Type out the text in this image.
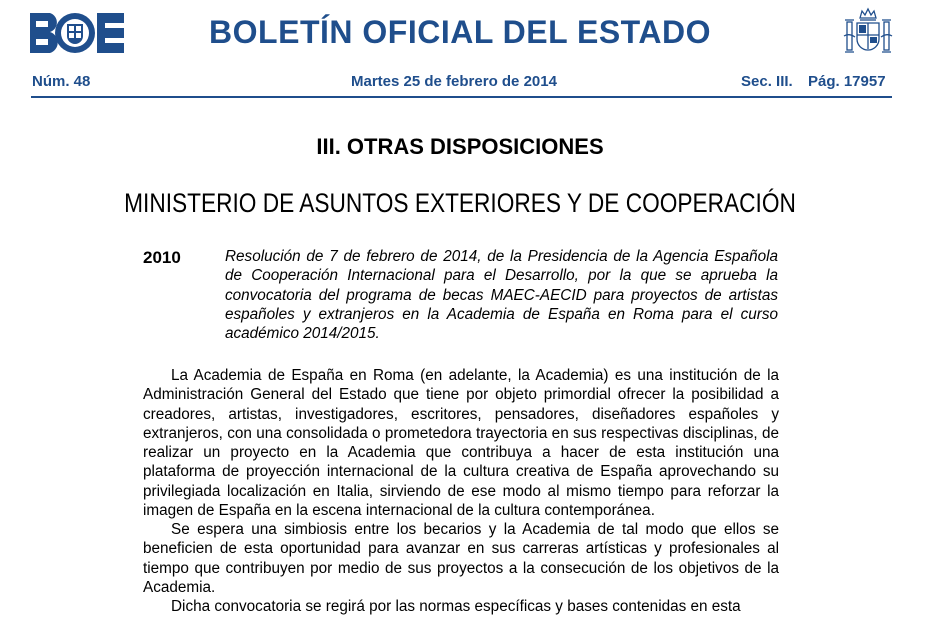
BOLETÍN OFICIAL DEL ESTADO
Núm. 48	Martes 25 de febrero de 2014	Sec. III. Pág. 17957
III. OTRAS DISPOSICIONES
MINISTERIO DE ASUNTOS EXTERIORES Y DE COOPERACIÓN
2010	Resolución de 7 de febrero de 2014, de la Presidencia de la Agencia Española de Cooperación Internacional para el Desarrollo, por la que se aprueba la convocatoria del programa de becas MAEC-AECID para proyectos de artistas españoles y extranjeros en la Academia de España en Roma para el curso académico 2014/2015.

La Academia de España en Roma (en adelante, la Academia) es una institución de la Administración General del Estado que tiene por objeto primordial ofrecer la posibilidad a creadores, artistas, investigadores, escritores, pensadores, diseñadores españoles y extranjeros, con una consolidada o prometedora trayectoria en sus respectivas disciplinas, de realizar un proyecto en la Academia que contribuya a hacer de esta institución una plataforma de proyección internacional de la cultura creativa de España aprovechando su privilegiada localización en Italia, sirviendo de ese modo al mismo tiempo para reforzar la imagen de España en la escena internacional de la cultura contemporánea.

Se espera una simbiosis entre los becarios y la Academia de tal modo que ellos se beneficien de esta oportunidad para avanzar en sus carreras artísticas y profesionales al tiempo que contribuyen por medio de sus proyectos a la consecución de los objetivos de la Academia.

Dicha convocatoria se regirá por las normas específicas y bases contenidas en esta
